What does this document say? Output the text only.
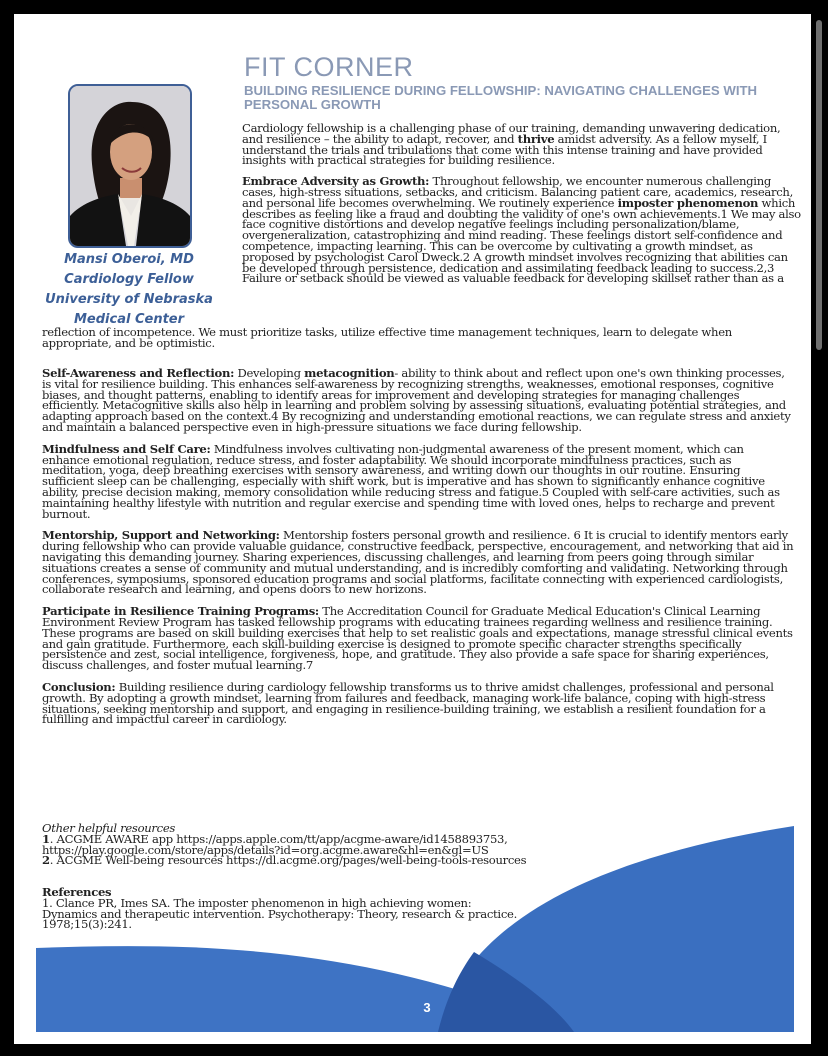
FIT CORNER
BUILDING RESILIENCE DURING FELLOWSHIP: NAVIGATING CHALLENGES WITH PERSONAL GROWTH
Mansi Oberoi, MD
Cardiology Fellow
University of Nebraska
Medical Center

Cardiology fellowship is a challenging phase of our training, demanding unwavering dedication, and resilience – the ability to adapt, recover, and thrive amidst adversity. As a fellow myself, I understand the trials and tribulations that come with this intense training and have provided insights with practical strategies for building resilience.

Embrace Adversity as Growth: Throughout fellowship, we encounter numerous challenging cases, high-stress situations, setbacks, and criticism. Balancing patient care, academics, research, and personal life becomes overwhelming. We routinely experience imposter phenomenon which describes as feeling like a fraud and doubting the validity of one's own achievements.1 We may also face cognitive distortions and develop negative feelings including personalization/blame, overgeneralization, catastrophizing and mind reading. These feelings distort self-confidence and competence, impacting learning. This can be overcome by cultivating a growth mindset, as proposed by psychologist Carol Dweck.2 A growth mindset involves recognizing that abilities can be developed through persistence, dedication and assimilating feedback leading to success.2,3 Failure or setback should be viewed as valuable feedback for developing skillset rather than as a

reflection of incompetence. We must prioritize tasks, utilize effective time management techniques, learn to delegate when appropriate, and be optimistic.

Self-Awareness and Reflection: Developing metacognition- ability to think about and reflect upon one's own thinking processes, is vital for resilience building. This enhances self-awareness by recognizing strengths, weaknesses, emotional responses, cognitive biases, and thought patterns, enabling to identify areas for improvement and developing strategies for managing challenges efficiently. Metacognitive skills also help in learning and problem solving by assessing situations, evaluating potential strategies, and adapting approach based on the context.4 By recognizing and understanding emotional reactions, we can regulate stress and anxiety and maintain a balanced perspective even in high-pressure situations we face during fellowship.

Mindfulness and Self Care: Mindfulness involves cultivating non-judgmental awareness of the present moment, which can enhance emotional regulation, reduce stress, and foster adaptability. We should incorporate mindfulness practices, such as meditation, yoga, deep breathing exercises with sensory awareness, and writing down our thoughts in our routine. Ensuring sufficient sleep can be challenging, especially with shift work, but is imperative and has shown to significantly enhance cognitive ability, precise decision making, memory consolidation while reducing stress and fatigue.5 Coupled with self-care activities, such as maintaining healthy lifestyle with nutrition and regular exercise and spending time with loved ones, helps to recharge and prevent burnout.

Mentorship, Support and Networking: Mentorship fosters personal growth and resilience. 6 It is crucial to identify mentors early during fellowship who can provide valuable guidance, constructive feedback, perspective, encouragement, and networking that aid in navigating this demanding journey. Sharing experiences, discussing challenges, and learning from peers going through similar situations creates a sense of community and mutual understanding, and is incredibly comforting and validating. Networking through conferences, symposiums, sponsored education programs and social platforms, facilitate connecting with experienced cardiologists, collaborate research and learning, and opens doors to new horizons.

Participate in Resilience Training Programs: The Accreditation Council for Graduate Medical Education's Clinical Learning Environment Review Program has tasked fellowship programs with educating trainees regarding wellness and resilience training. These programs are based on skill building exercises that help to set realistic goals and expectations, manage stressful clinical events and gain gratitude. Furthermore, each skill-building exercise is designed to promote specific character strengths specifically persistence and zest, social intelligence, forgiveness, hope, and gratitude. They also provide a safe space for sharing experiences, discuss challenges, and foster mutual learning.7

Conclusion: Building resilience during cardiology fellowship transforms us to thrive amidst challenges, professional and personal growth. By adopting a growth mindset, learning from failures and feedback, managing work-life balance, coping with high-stress situations, seeking mentorship and support, and engaging in resilience-building training, we establish a resilient foundation for a fulfilling and impactful career in cardiology.

Other helpful resources

1. ACGME AWARE app https://apps.apple.com/tt/app/acgme-aware/id1458893753, https://play.google.com/store/apps/details?id=org.acgme.aware&hl=en&gl=US

2. ACGME Well-being resources https://dl.acgme.org/pages/well-being-tools-resources

References

1. Clance PR, Imes SA. The imposter phenomenon in high achieving women: Dynamics and therapeutic intervention. Psychotherapy: Theory, research & practice. 1978;15(3):241.

3
